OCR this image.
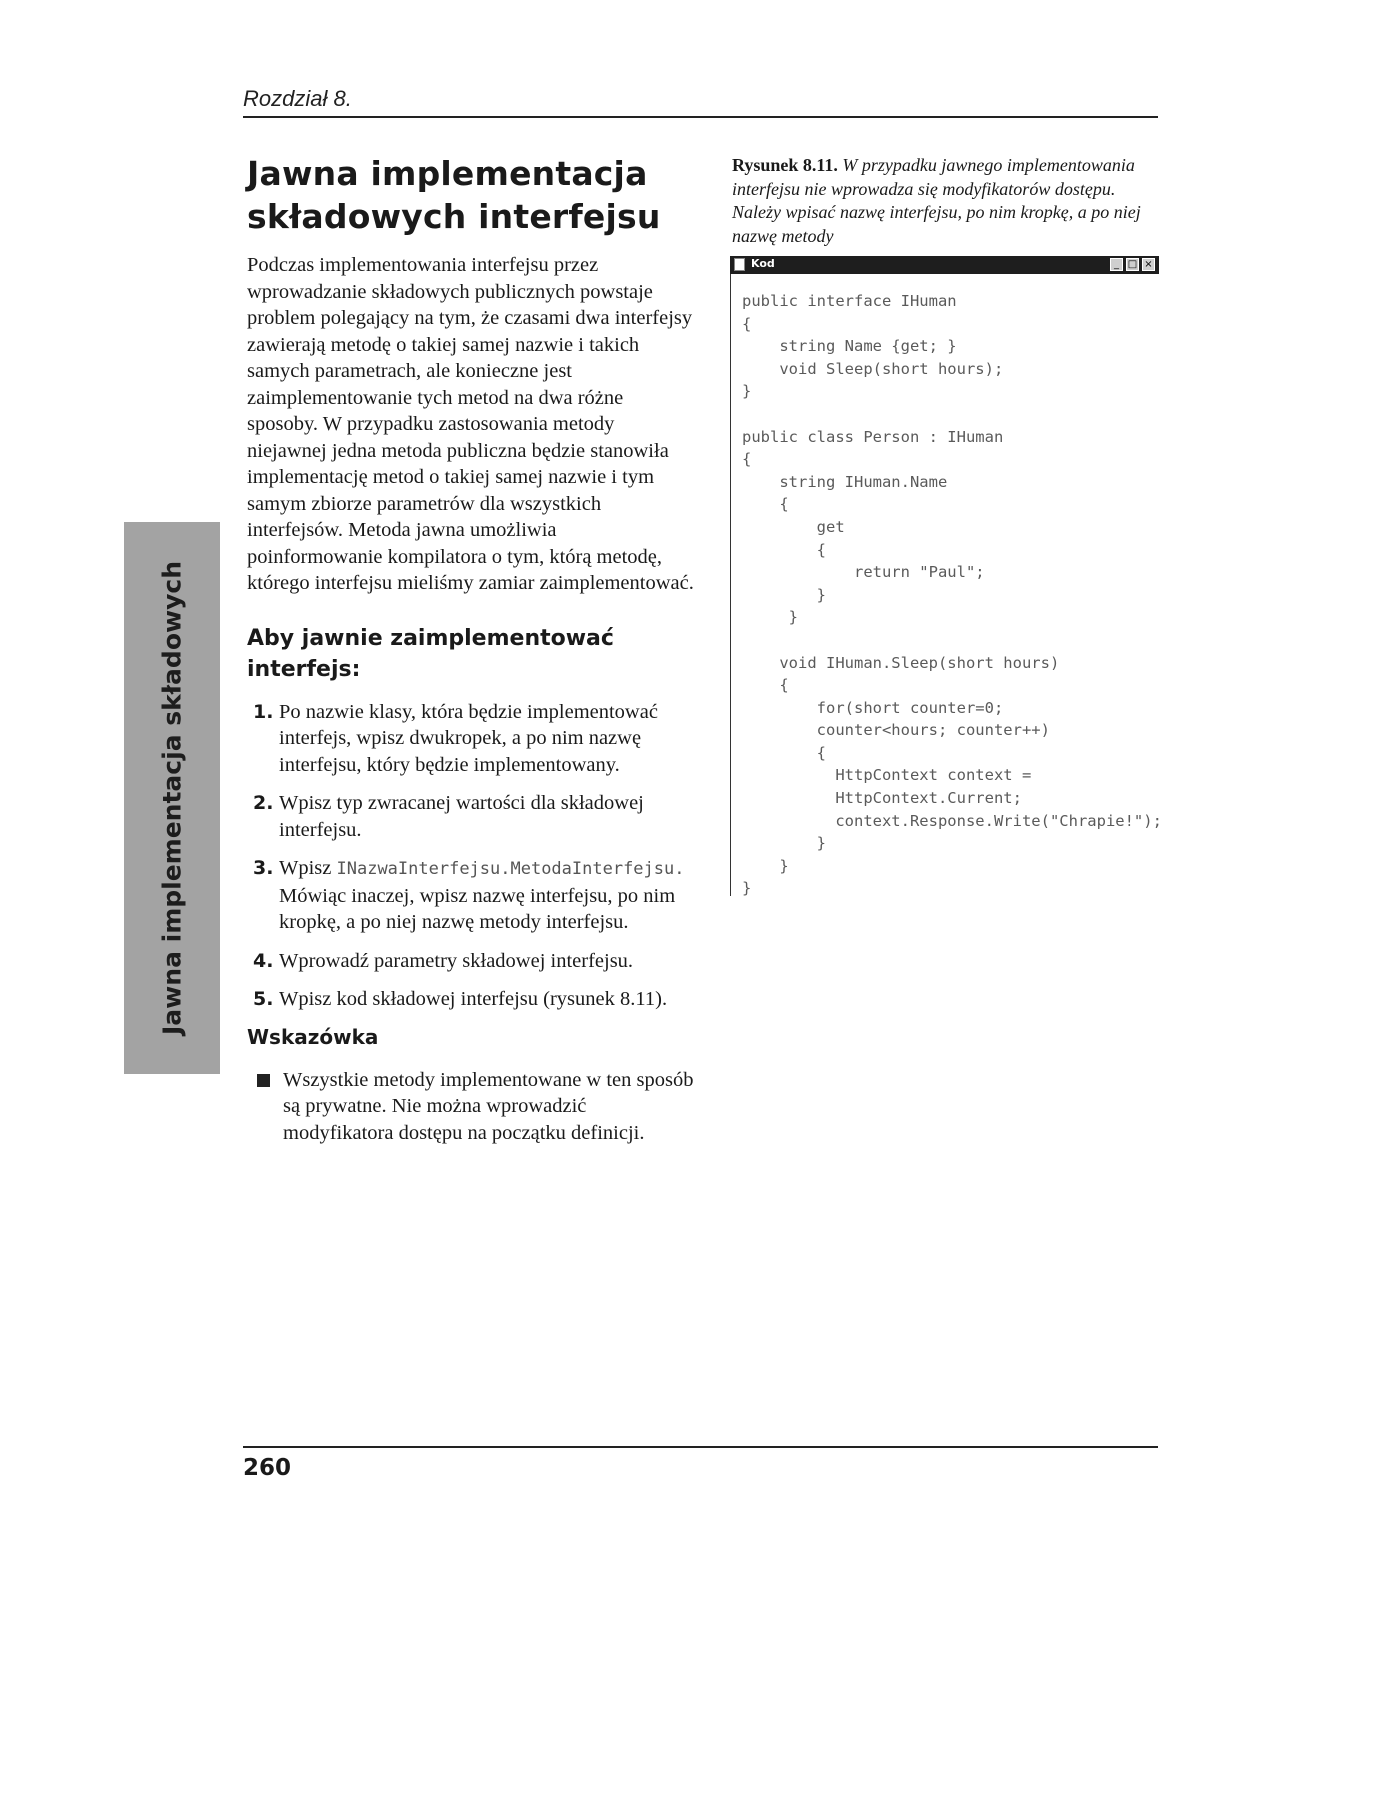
Rozdział 8.
Jawna implementacja składowych
Jawna implementacja
składowych interfejsu

Podczas implementowania interfejsu przez wprowadzanie składowych publicznych powstaje problem polegający na tym, że czasami dwa interfejsy zawierają metodę o takiej samej nazwie i takich samych parametrach, ale konieczne jest zaimplementowanie tych metod na dwa różne sposoby. W przypadku zastosowania metody niejawnej jedna metoda publiczna będzie stanowiła implementację metod o takiej samej nazwie i tym samym zbiorze parametrów dla wszystkich interfejsów. Metoda jawna umożliwia poinformowanie kompilatora o tym, którą metodę, którego interfejsu mieliśmy zamiar zaimplementować.

Aby jawnie zaimplementować
interfejs:
1. Po nazwie klasy, która będzie implementować interfejs, wpisz dwukropek, a po nim nazwę interfejsu, który będzie implementowany.
2. Wpisz typ zwracanej wartości dla składowej interfejsu.
3. Wpisz INazwaInterfejsu.MetodaInterfejsu. Mówiąc inaczej, wpisz nazwę interfejsu, po nim kropkę, a po niej nazwę metody interfejsu.
4. Wprowadź parametry składowej interfejsu.
5. Wpisz kod składowej interfejsu (rysunek 8.11).
Wskazówka
Wszystkie metody implementowane w ten sposób są prywatne. Nie można wprowadzić modyfikatora dostępu na początku definicji.
Rysunek 8.11. W przypadku jawnego implementowania interfejsu nie wprowadza się modyfikatorów dostępu. Należy wpisać nazwę interfejsu, po nim kropkę, a po niej nazwę metody
Kod	_ □ ×
public interface IHuman
{
string Name {get; }
void Sleep(short hours);
}

public class Person : IHuman
{
string IHuman.Name
{
get
{
return "Paul";
}
}

void IHuman.Sleep(short hours)
{
for(short counter=0;
counter<hours; counter++)
{
HttpContext context =
HttpContext.Current;
context.Response.Write("Chrapie!");
}
}
}
260
